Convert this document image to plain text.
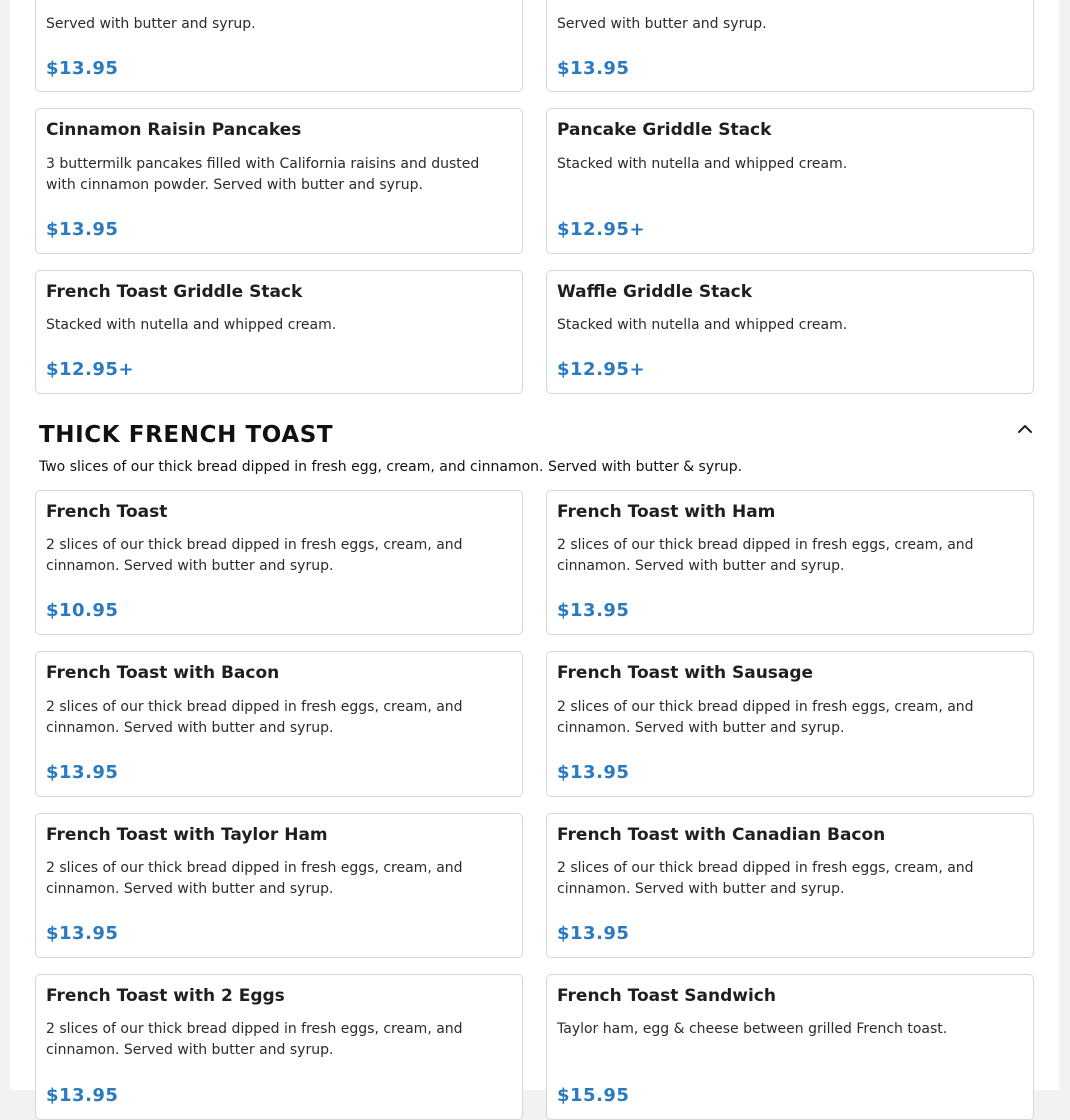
Served with butter and syrup.
$13.95
Served with butter and syrup.
$13.95
Cinnamon Raisin Pancakes
3 buttermilk pancakes filled with California raisins and dusted with cinnamon powder. Served with butter and syrup.
$13.95
Pancake Griddle Stack
Stacked with nutella and whipped cream.
$12.95+
French Toast Griddle Stack
Stacked with nutella and whipped cream.
$12.95+
Waffle Griddle Stack
Stacked with nutella and whipped cream.
$12.95+
THICK FRENCH TOAST
Two slices of our thick bread dipped in fresh egg, cream, and cinnamon. Served with butter & syrup.
French Toast
2 slices of our thick bread dipped in fresh eggs, cream, and cinnamon. Served with butter and syrup.
$10.95
French Toast with Ham
2 slices of our thick bread dipped in fresh eggs, cream, and cinnamon. Served with butter and syrup.
$13.95
French Toast with Bacon
2 slices of our thick bread dipped in fresh eggs, cream, and cinnamon. Served with butter and syrup.
$13.95
French Toast with Sausage
2 slices of our thick bread dipped in fresh eggs, cream, and cinnamon. Served with butter and syrup.
$13.95
French Toast with Taylor Ham
2 slices of our thick bread dipped in fresh eggs, cream, and cinnamon. Served with butter and syrup.
$13.95
French Toast with Canadian Bacon
2 slices of our thick bread dipped in fresh eggs, cream, and cinnamon. Served with butter and syrup.
$13.95
French Toast with 2 Eggs
2 slices of our thick bread dipped in fresh eggs, cream, and cinnamon. Served with butter and syrup.
$13.95
French Toast Sandwich
Taylor ham, egg & cheese between grilled French toast.
$15.95
